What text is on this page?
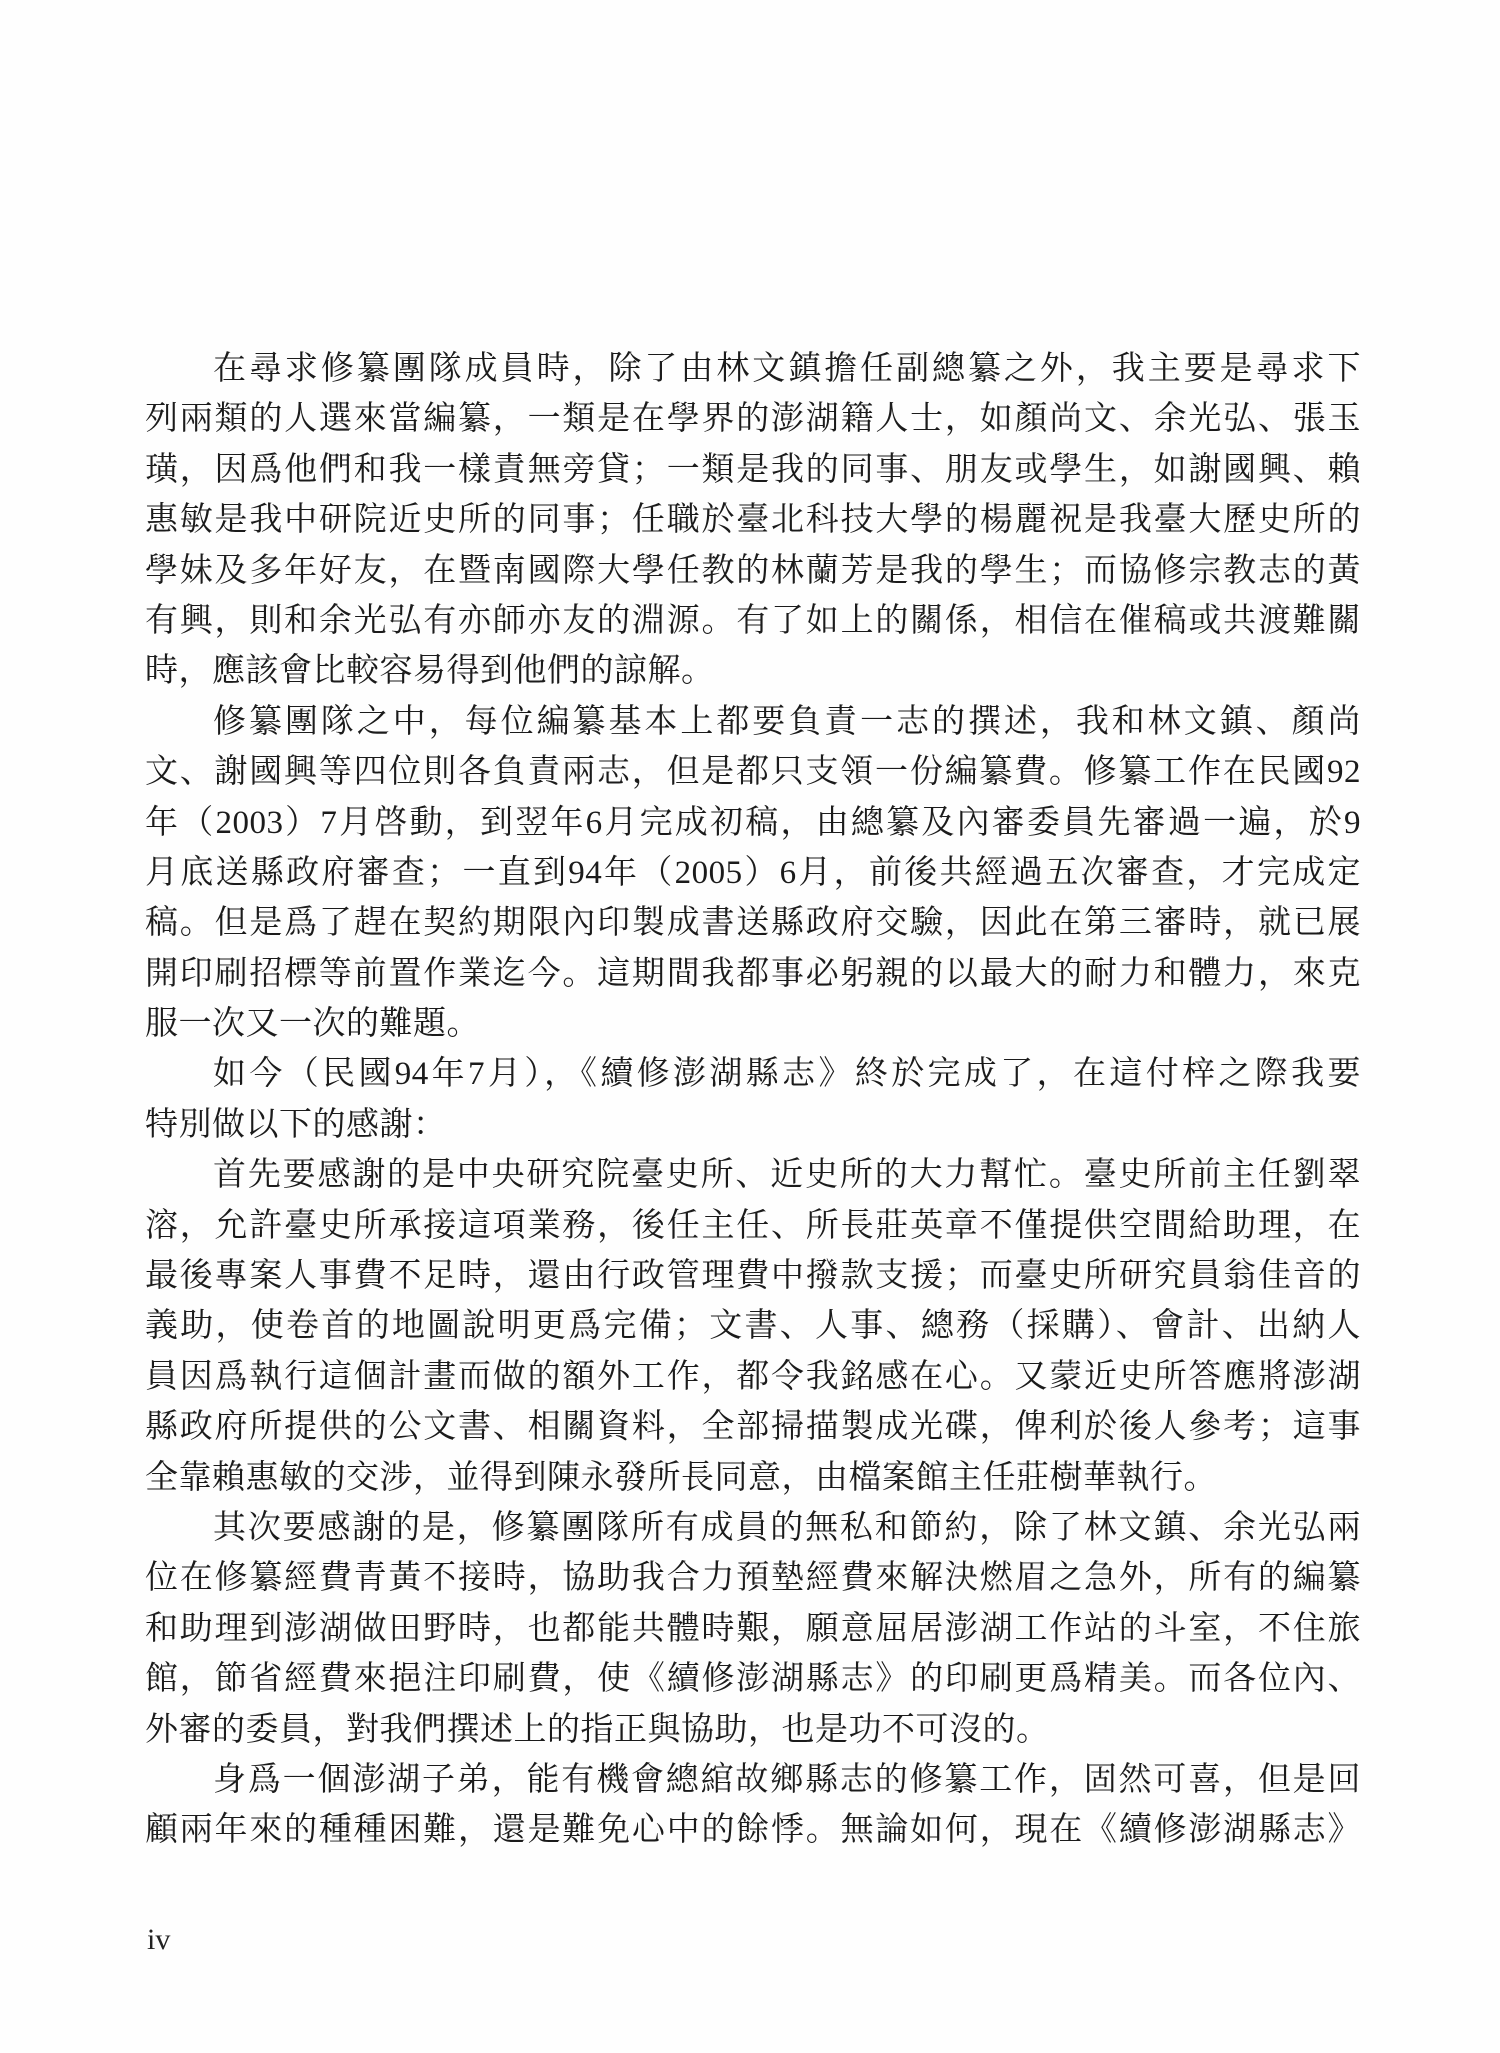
在尋求修纂團隊成員時，除了由林文鎮擔任副總纂之外，我主要是尋求下
列兩類的人選來當編纂，一類是在學界的澎湖籍人士，如顏尚文、余光弘、張玉
璜，因爲他們和我一樣責無旁貸；一類是我的同事、朋友或學生，如謝國興、賴
惠敏是我中研院近史所的同事；任職於臺北科技大學的楊麗祝是我臺大歷史所的
學妹及多年好友，在暨南國際大學任教的林蘭芳是我的學生；而協修宗教志的黃
有興，則和余光弘有亦師亦友的淵源。有了如上的關係，相信在催稿或共渡難關
時，應該會比較容易得到他們的諒解。
修纂團隊之中，每位編纂基本上都要負責一志的撰述，我和林文鎮、顏尚
文、謝國興等四位則各負責兩志，但是都只支領一份編纂費。修纂工作在民國92
年（2003）7月啓動，到翌年6月完成初稿，由總纂及內審委員先審過一遍，於9
月底送縣政府審查；一直到94年（2005）6月，前後共經過五次審查，才完成定
稿。但是爲了趕在契約期限內印製成書送縣政府交驗，因此在第三審時，就已展
開印刷招標等前置作業迄今。這期間我都事必躬親的以最大的耐力和體力，來克
服一次又一次的難題。
如今（民國94年7月），《續修澎湖縣志》終於完成了，在這付梓之際我要
特別做以下的感謝：
首先要感謝的是中央研究院臺史所、近史所的大力幫忙。臺史所前主任劉翠
溶，允許臺史所承接這項業務，後任主任、所長莊英章不僅提供空間給助理，在
最後專案人事費不足時，還由行政管理費中撥款支援；而臺史所研究員翁佳音的
義助，使卷首的地圖說明更爲完備；文書、人事、總務（採購）、會計、出納人
員因爲執行這個計畫而做的額外工作，都令我銘感在心。又蒙近史所答應將澎湖
縣政府所提供的公文書、相關資料，全部掃描製成光碟，俾利於後人參考；這事
全靠賴惠敏的交涉，並得到陳永發所長同意，由檔案館主任莊樹華執行。
其次要感謝的是，修纂團隊所有成員的無私和節約，除了林文鎮、余光弘兩
位在修纂經費青黃不接時，協助我合力預墊經費來解決燃眉之急外，所有的編纂
和助理到澎湖做田野時，也都能共體時艱，願意屈居澎湖工作站的斗室，不住旅
館，節省經費來挹注印刷費，使《續修澎湖縣志》的印刷更爲精美。而各位內、
外審的委員，對我們撰述上的指正與協助，也是功不可沒的。
身爲一個澎湖子弟，能有機會總綰故鄉縣志的修纂工作，固然可喜，但是回
顧兩年來的種種困難，還是難免心中的餘悸。無論如何，現在《續修澎湖縣志》
iv
